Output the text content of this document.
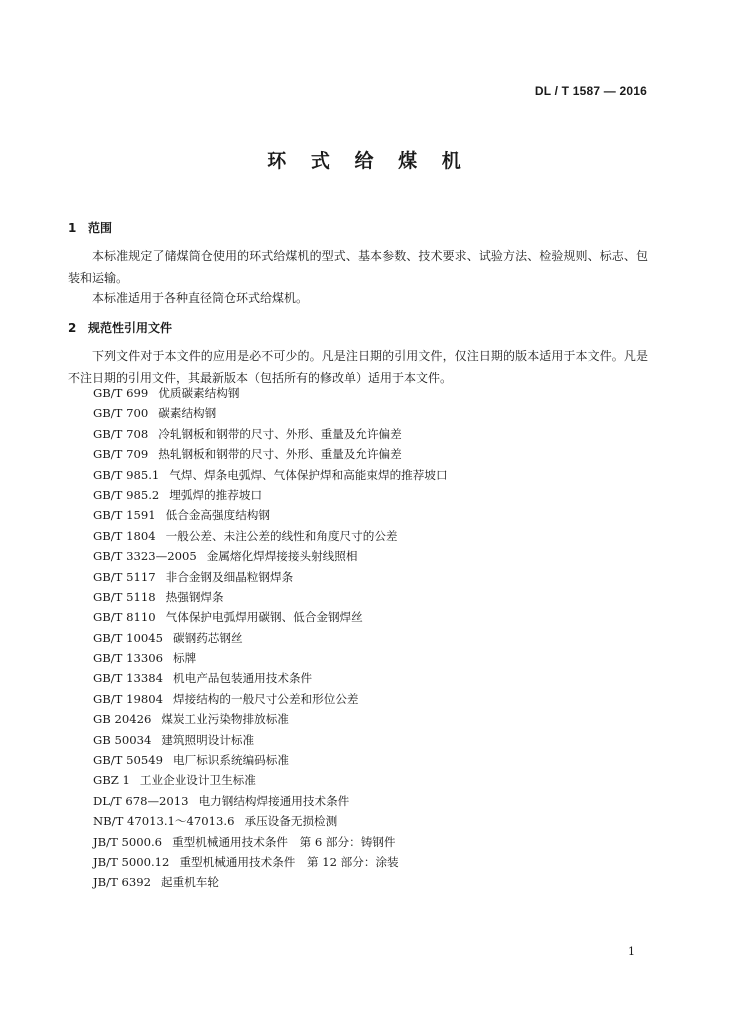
DL / T 1587 — 2016
环 式 给 煤 机
1 范围
本标准规定了储煤筒仓使用的环式给煤机的型式、基本参数、技术要求、试验方法、检验规则、标志、包装和运输。
本标准适用于各种直径筒仓环式给煤机。
2 规范性引用文件
下列文件对于本文件的应用是必不可少的。凡是注日期的引用文件，仅注日期的版本适用于本文件。凡是不注日期的引用文件，其最新版本（包括所有的修改单）适用于本文件。
GB/T 699 优质碳素结构钢
GB/T 700 碳素结构钢
GB/T 708 冷轧钢板和钢带的尺寸、外形、重量及允许偏差
GB/T 709 热轧钢板和钢带的尺寸、外形、重量及允许偏差
GB/T 985.1 气焊、焊条电弧焊、气体保护焊和高能束焊的推荐坡口
GB/T 985.2 埋弧焊的推荐坡口
GB/T 1591 低合金高强度结构钢
GB/T 1804 一般公差、未注公差的线性和角度尺寸的公差
GB/T 3323—2005 金属熔化焊焊接接头射线照相
GB/T 5117 非合金钢及细晶粒钢焊条
GB/T 5118 热强钢焊条
GB/T 8110 气体保护电弧焊用碳钢、低合金钢焊丝
GB/T 10045 碳钢药芯钢丝
GB/T 13306 标牌
GB/T 13384 机电产品包装通用技术条件
GB/T 19804 焊接结构的一般尺寸公差和形位公差
GB 20426 煤炭工业污染物排放标准
GB 50034 建筑照明设计标准
GB/T 50549 电厂标识系统编码标准
GBZ 1 工业企业设计卫生标准
DL/T 678—2013 电力钢结构焊接通用技术条件
NB/T 47013.1～47013.6 承压设备无损检测
JB/T 5000.6 重型机械通用技术条件　第 6 部分：铸钢件
JB/T 5000.12 重型机械通用技术条件　第 12 部分：涂装
JB/T 6392 起重机车轮
1
